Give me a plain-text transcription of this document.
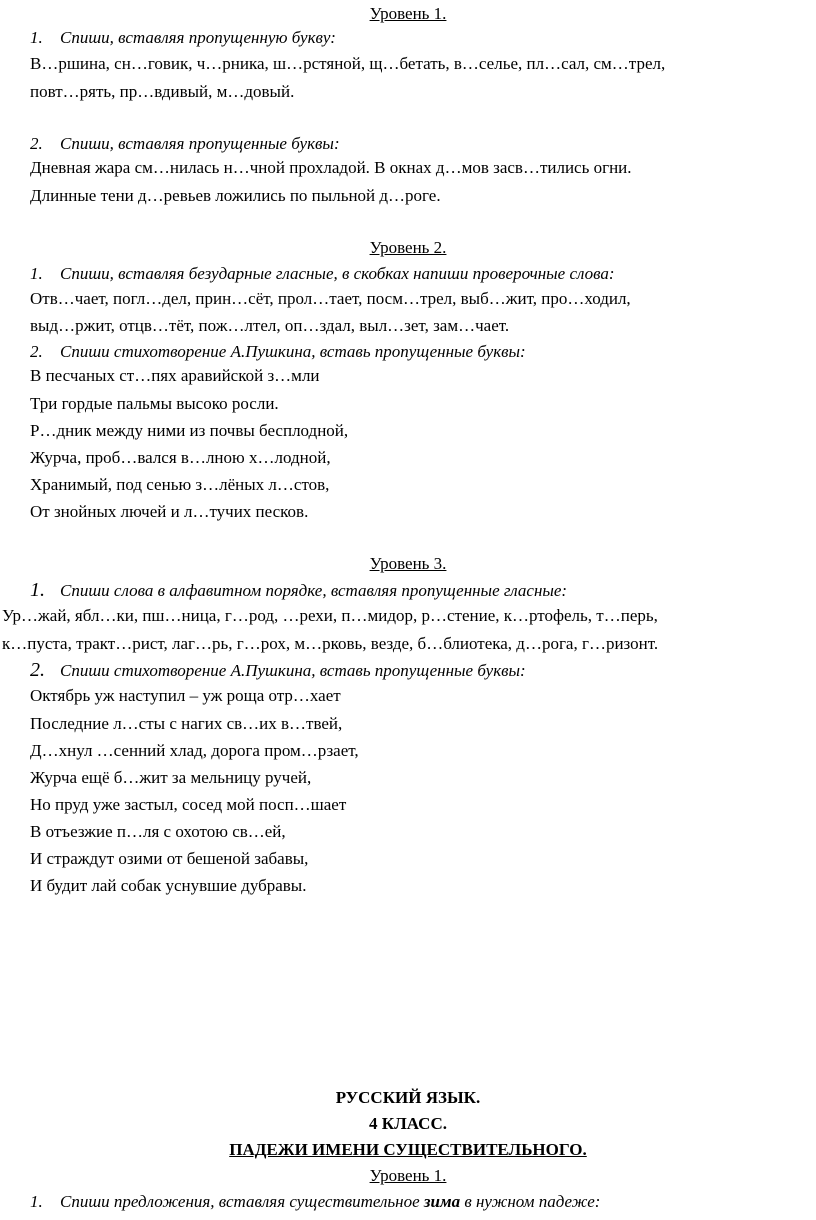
Уровень 1.
1. Спиши, вставляя пропущенную букву:
В…ршина, сн…говик, ч…рника, ш…рстяной, щ…бетать, в…селье, пл…сал, см…трел,
повт…рять, пр…вдивый, м…довый.
2. Спиши, вставляя пропущенные буквы:
Дневная жара см…нилась н…чной прохладой. В окнах д…мов засв…тились огни.
Длинные тени д…ревьев ложились по пыльной д…роге.
Уровень 2.
1. Спиши, вставляя безударные гласные, в скобках напиши проверочные слова:
Отв…чает, погл…дел, прин…сёт, прол…тает, посм…трел, выб…жит, про…ходил,
выд…ржит, отцв…тёт, пож…лтел, оп…здал, выл…зет, зам…чает.
2. Спиши стихотворение А.Пушкина, вставь пропущенные буквы:
В песчаных ст…пях аравийской з…мли
Три гордые пальмы высоко росли.
Р…дник между ними из почвы бесплодной,
Журча, проб…вался в…лною х…лодной,
Хранимый, под сенью з…лёных л…стов,
От знойных лючей и л…тучих песков.
Уровень 3.
1. Спиши слова в алфавитном порядке, вставляя пропущенные гласные:
Ур…жай, ябл…ки, пш…ница, г…род, …рехи, п…мидор, р…стение, к…ртофель, т…перь,
к…пуста, тракт…рист, лаг…рь, г…рох, м…рковь, везде, б…блиотека, д…рога, г…ризонт.
2. Спиши стихотворение А.Пушкина, вставь пропущенные буквы:
Октябрь уж наступил – уж роща отр…хает
Последние л…сты с нагих св…их в…твей,
Д…хнул …сенний хлад, дорога пром…рзает,
Журча ещё б…жит за мельницу ручей,
Но пруд уже застыл, сосед мой посп…шает
В отъезжие п…ля с охотою св…ей,
И страждут озими от бешеной забавы,
И будит лай собак уснувшие дубравы.
РУССКИЙ ЯЗЫК.
4 КЛАСС.
ПАДЕЖИ ИМЕНИ СУЩЕСТВИТЕЛЬНОГО.
Уровень 1.
1. Спиши предложения, вставляя существительное зима в нужном падеже:
